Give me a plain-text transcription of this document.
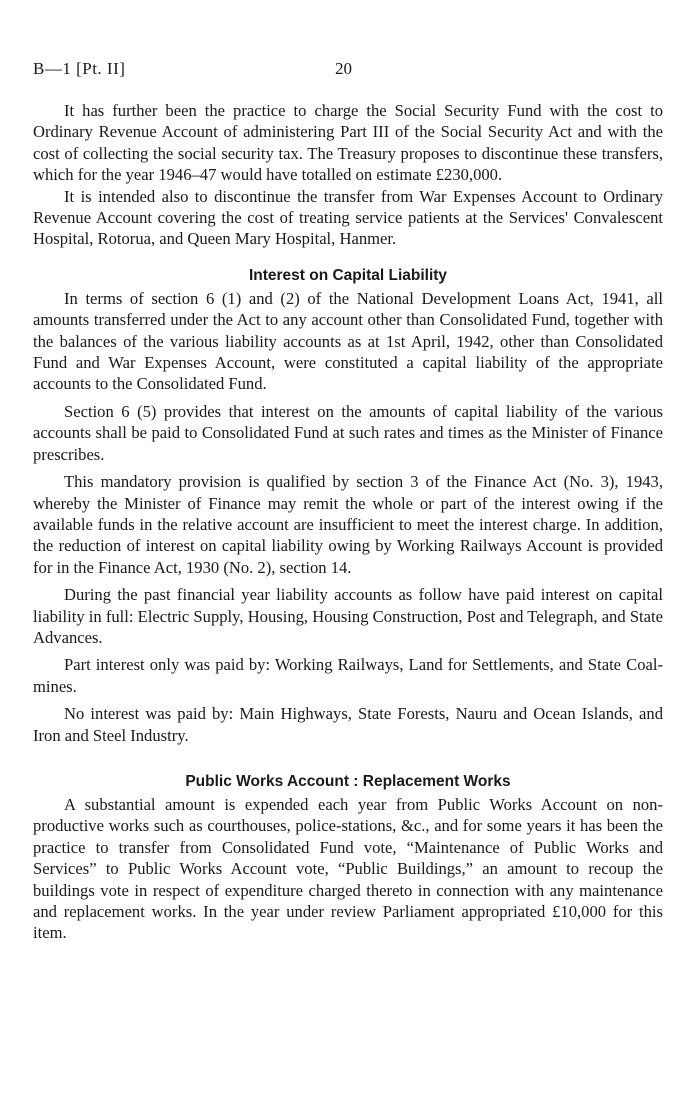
B—1 [Pt. II]	20

It has further been the practice to charge the Social Security Fund with the cost to Ordinary Revenue Account of administering Part III of the Social Security Act and with the cost of collecting the social security tax. The Treasury proposes to discontinue these transfers, which for the year 1946–47 would have totalled on estimate £230,000.

It is intended also to discontinue the transfer from War Expenses Account to Ordinary Revenue Account covering the cost of treating service patients at the Services' Convalescent Hospital, Rotorua, and Queen Mary Hospital, Hanmer.

Interest on Capital Liability

In terms of section 6 (1) and (2) of the National Development Loans Act, 1941, all amounts transferred under the Act to any account other than Consolidated Fund, together with the balances of the various liability accounts as at 1st April, 1942, other than Consolidated Fund and War Expenses Account, were constituted a capital liability of the appropriate accounts to the Consolidated Fund.

Section 6 (5) provides that interest on the amounts of capital liability of the various accounts shall be paid to Consolidated Fund at such rates and times as the Minister of Finance prescribes.

This mandatory provision is qualified by section 3 of the Finance Act (No. 3), 1943, whereby the Minister of Finance may remit the whole or part of the interest owing if the available funds in the relative account are insufficient to meet the interest charge. In addition, the reduction of interest on capital liability owing by Working Railways Account is provided for in the Finance Act, 1930 (No. 2), section 14.

During the past financial year liability accounts as follow have paid interest on capital liability in full: Electric Supply, Housing, Housing Construction, Post and Telegraph, and State Advances.

Part interest only was paid by: Working Railways, Land for Settlements, and State Coal-mines.

No interest was paid by: Main Highways, State Forests, Nauru and Ocean Islands, and Iron and Steel Industry.

Public Works Account : Replacement Works

A substantial amount is expended each year from Public Works Account on non-productive works such as courthouses, police-stations, &c., and for some years it has been the practice to transfer from Consolidated Fund vote, “Maintenance of Public Works and Services” to Public Works Account vote, “Public Buildings,” an amount to recoup the buildings vote in respect of expenditure charged thereto in connection with any maintenance and replacement works. In the year under review Parliament appropriated £10,000 for this item.
